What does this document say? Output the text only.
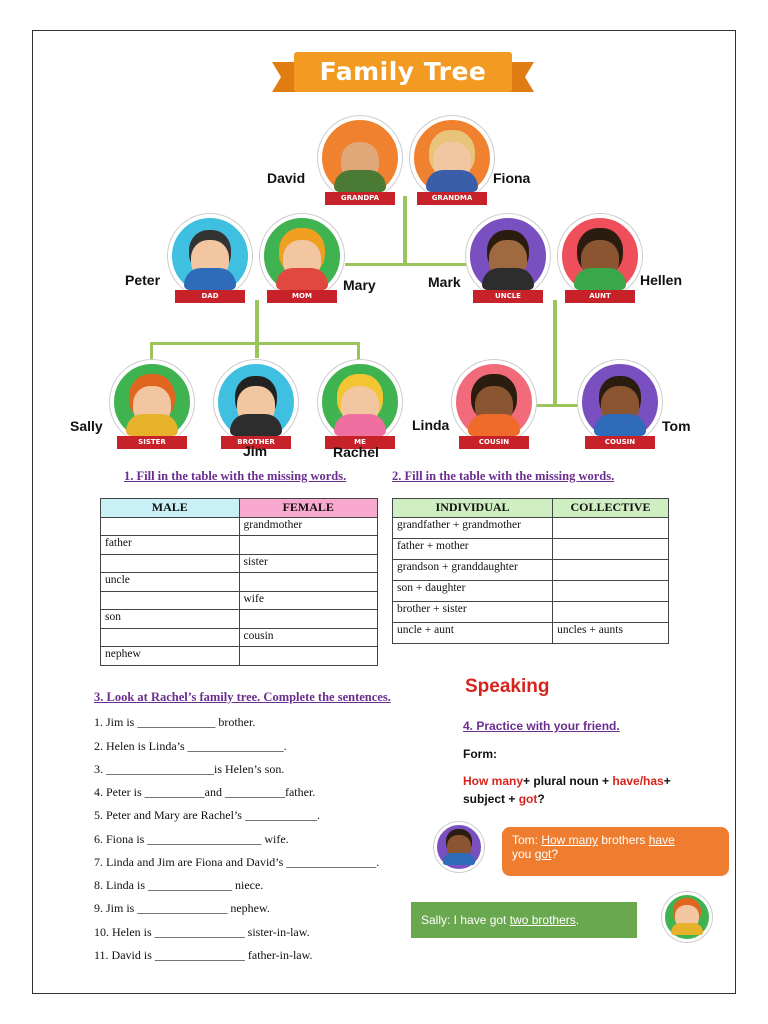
Family Tree
GRANDPA
David
GRANDMA
Fiona
DAD
Peter
MOM
Mary
UNCLE
Mark
AUNT
Hellen
SISTER
Sally
BROTHER
Jim
ME
Rachel
COUSIN
Linda
COUSIN
Tom
1. Fill in the table with the missing words.
MALE	FEMALE
	grandmother
father	
	sister
uncle	
	wife
son	
	cousin
nephew	
2. Fill in the table with the missing words.
INDIVIDUAL	COLLECTIVE
grandfather + grandmother	
father + mother	
grandson + granddaughter	
son + daughter	
brother + sister	
uncle + aunt	uncles + aunts
3. Look at Rachel’s family tree. Complete the sentences.
1. Jim is _____________ brother.
2. Helen is Linda’s ________________.
3. __________________is Helen’s son.
4. Peter is __________and __________father.
5. Peter and Mary are Rachel’s ____________.
6. Fiona is ___________________ wife.
7. Linda and Jim are Fiona and David’s _______________.
8. Linda is ______________ niece.
9. Jim is _______________ nephew.
10. Helen is _______________ sister-in-law.
11. David is _______________ father-in-law.
Speaking
4. Practice with your friend.
Form:
How many+ plural noun + have/has+
subject + got?
Tom: How many brothers have
you got?
Sally: I have got two brothers.
